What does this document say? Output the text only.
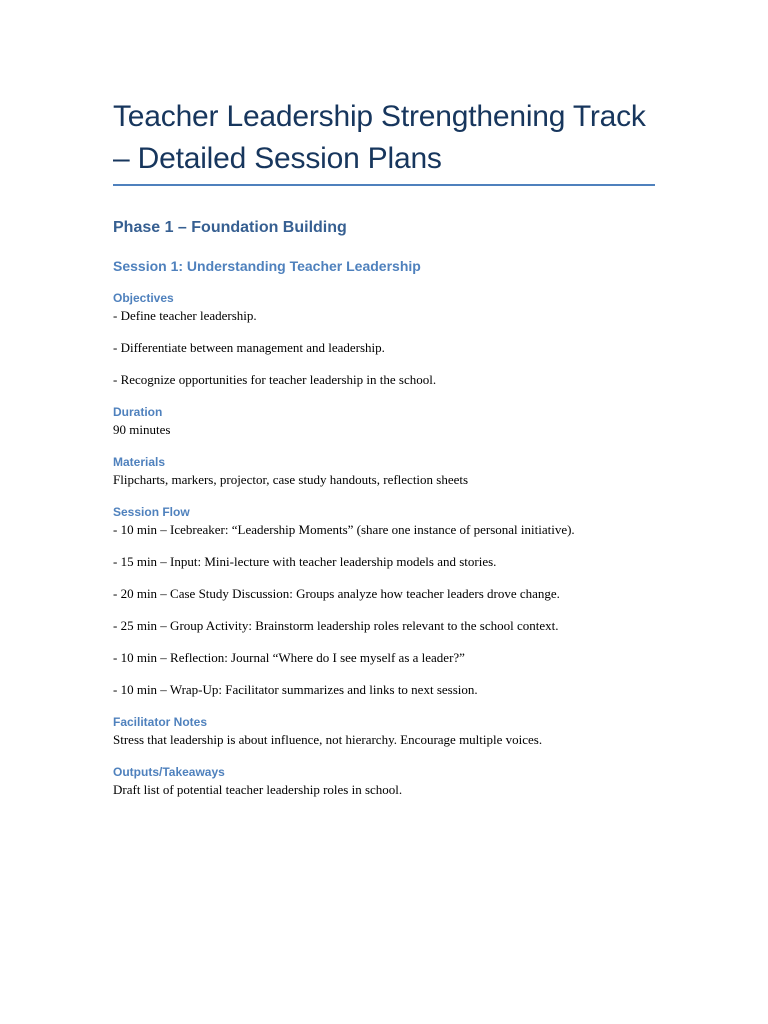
Teacher Leadership Strengthening Track – Detailed Session Plans
Phase 1 – Foundation Building
Session 1: Understanding Teacher Leadership
Objectives

- Define teacher leadership.

- Differentiate between management and leadership.

- Recognize opportunities for teacher leadership in the school.

Duration

90 minutes

Materials

Flipcharts, markers, projector, case study handouts, reflection sheets

Session Flow

- 10 min – Icebreaker: “Leadership Moments” (share one instance of personal initiative).

- 15 min – Input: Mini-lecture with teacher leadership models and stories.

- 20 min – Case Study Discussion: Groups analyze how teacher leaders drove change.

- 25 min – Group Activity: Brainstorm leadership roles relevant to the school context.

- 10 min – Reflection: Journal “Where do I see myself as a leader?”

- 10 min – Wrap-Up: Facilitator summarizes and links to next session.

Facilitator Notes

Stress that leadership is about influence, not hierarchy. Encourage multiple voices.

Outputs/Takeaways

Draft list of potential teacher leadership roles in school.
